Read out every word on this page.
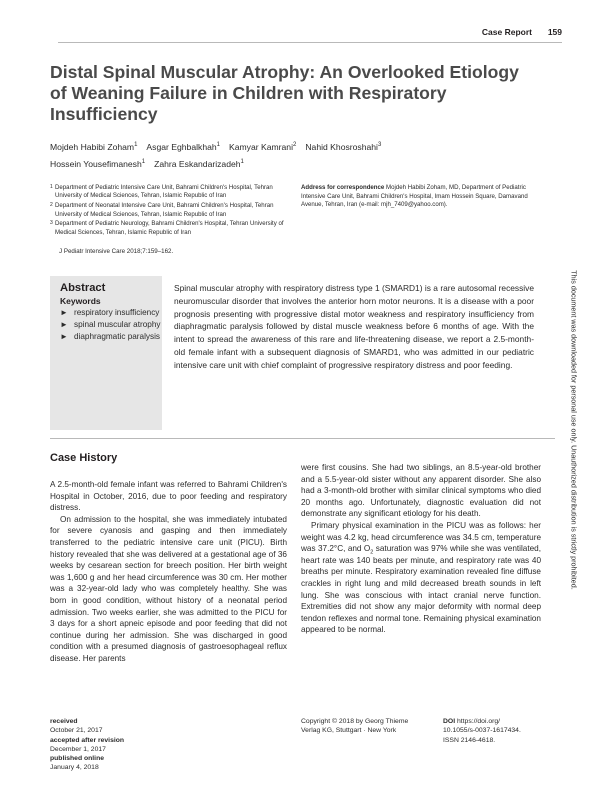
Case Report 159
Distal Spinal Muscular Atrophy: An Overlooked Etiology of Weaning Failure in Children with Respiratory Insufficiency
Mojdeh Habibi Zoham$^1$ Asgar Eghbalkhah$^1$ Kamyar Kamrani$^2$ Nahid Khosroshahi$^3$
Hossein Yousefimanesh$^1$ Zahra Eskandarizadeh$^1$
1 Department of Pediatric Intensive Care Unit, Bahrami Children's Hospital, Tehran University of Medical Sciences, Tehran, Islamic Republic of Iran
2 Department of Neonatal Intensive Care Unit, Bahrami Children's Hospital, Tehran University of Medical Sciences, Tehran, Islamic Republic of Iran
3 Department of Pediatric Neurology, Bahrami Children's Hospital, Tehran University of Medical Sciences, Tehran, Islamic Republic of Iran
Address for correspondence Mojdeh Habibi Zoham, MD, Department of Pediatric Intensive Care Unit, Bahrami Children's Hospital, Imam Hossein Square, Damavand Avenue, Tehran, Iran (e-mail: mjh_7409@yahoo.com).
J Pediatr Intensive Care 2018;7:159–162.
Abstract
Keywords
► respiratory insufficiency
► spinal muscular atrophy
► diaphragmatic paralysis

Spinal muscular atrophy with respiratory distress type 1 (SMARD1) is a rare autosomal recessive neuromuscular disorder that involves the anterior horn motor neurons. It is a disease with a poor prognosis presenting with progressive distal motor weakness and respiratory insufficiency from diaphragmatic paralysis followed by distal muscle weakness before 6 months of age. With the intent to spread the awareness of this rare and life-threatening disease, we report a 2.5-month-old female infant with a subsequent diagnosis of SMARD1, who was admitted in our pediatric intensive care unit with chief complaint of progressive respiratory distress and poor feeding.

Case History

A 2.5-month-old female infant was referred to Bahrami Children's Hospital in October, 2016, due to poor feeding and respiratory distress.

On admission to the hospital, she was immediately intubated for severe cyanosis and gasping and then immediately transferred to the pediatric intensive care unit (PICU). Birth history revealed that she was delivered at a gestational age of 36 weeks by cesarean section for breech position. Her birth weight was 1,600 g and her head circumference was 30 cm. Her mother was a 32-year-old lady who was completely healthy. She was born in good condition, without history of a neonatal period admission. Two weeks earlier, she was admitted to the PICU for 3 days for a short apneic episode and poor feeding that did not continue during her admission. She was discharged in good condition with a presumed diagnosis of gastroesophageal reflux disease. Her parents

were first cousins. She had two siblings, an 8.5-year-old brother and a 5.5-year-old sister without any apparent disorder. She also had a 3-month-old brother with similar clinical symptoms who died 20 months ago. Unfortunately, diagnostic evaluation did not demonstrate any significant etiology for his death.

Primary physical examination in the PICU was as follows: her weight was 4.2 kg, head circumference was 34.5 cm, temperature was 37.2°C, and $O_2$ saturation was 97% while she was ventilated, heart rate was 140 beats per minute, and respiratory rate was 40 breaths per minute. Respiratory examination revealed fine diffuse crackles in right lung and mild decreased breath sounds in left lung. She was conscious with intact cranial nerve function. Extremities did not show any major deformity with normal deep tendon reflexes and normal tone. Remaining physical examination appeared to be normal.

received
October 21, 2017
accepted after revision
December 1, 2017
published online
January 4, 2018
Copyright © 2018 by Georg Thieme
Verlag KG, Stuttgart · New York
DOI https://doi.org/
10.1055/s-0037-1617434.
ISSN 2146-4618.
This document was downloaded for personal use only. Unauthorized distribution is strictly prohibited.
